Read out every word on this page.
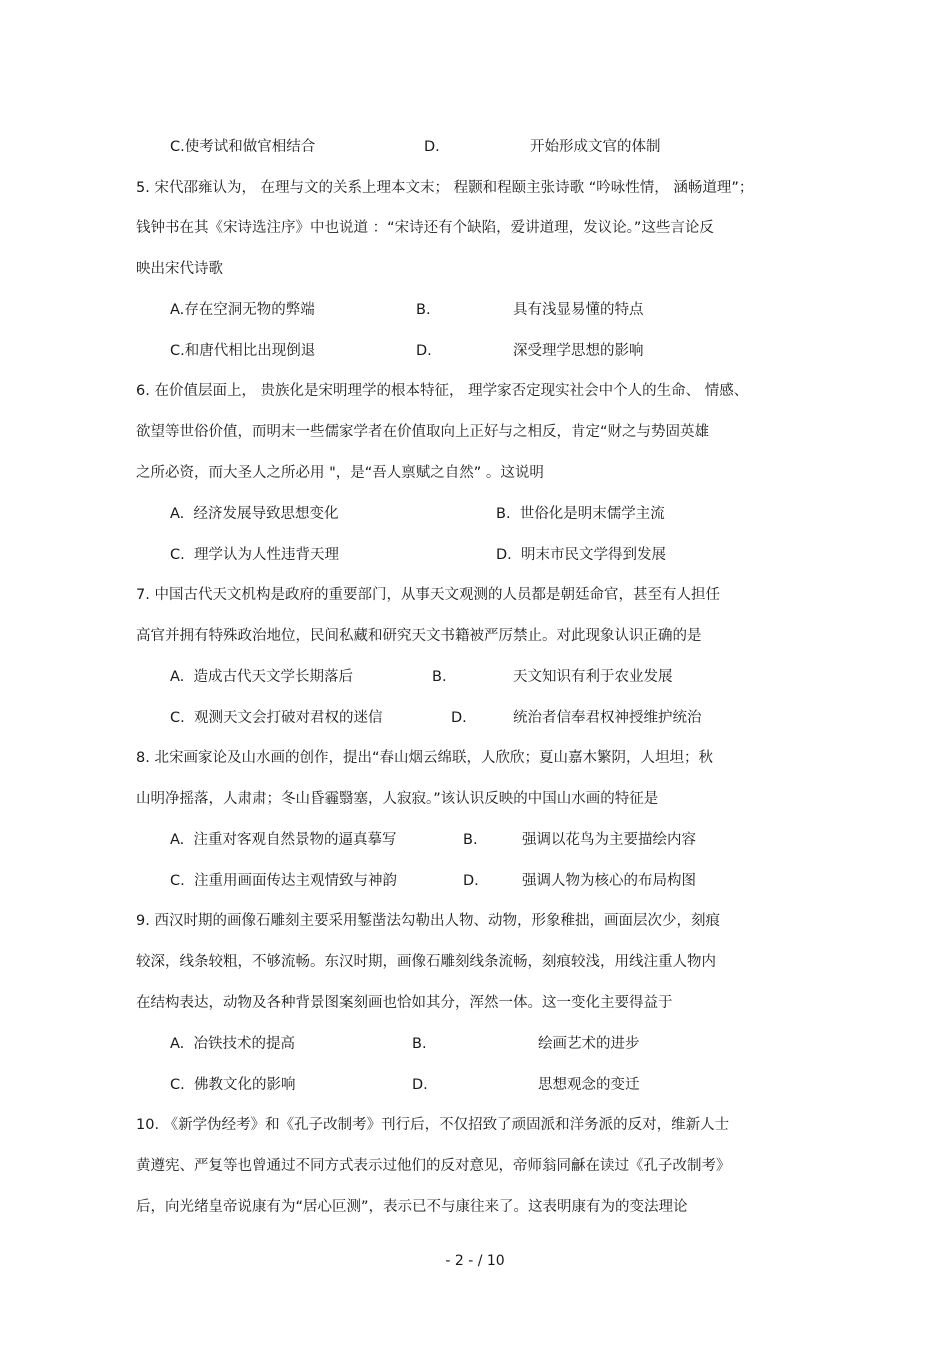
C.使考试和做官相结合	D.	开始形成文官的体制
5. 宋代邵雍认为， 在理与文的关系上理本文末； 程颢和程颐主张诗歌 “吟咏性情， 涵畅道理”；
钱钟书在其《宋诗选注序》中也说道 ：“宋诗还有个缺陷，爱讲道理，发议论。”这些言论反
映出宋代诗歌
A.存在空洞无物的弊端	B.	具有浅显易懂的特点
C.和唐代相比出现倒退	D.	深受理学思想的影响
6. 在价值层面上， 贵族化是宋明理学的根本特征， 理学家否定现实社会中个人的生命、 情感、
欲望等世俗价值，而明末一些儒家学者在价值取向上正好与之相反，肯定“财之与势固英雄
之所必资，而大圣人之所必用 "，是“吾人禀赋之自然” 。这说明
A. 经济发展导致思想变化	B. 世俗化是明末儒学主流
C. 理学认为人性违背天理	D. 明末市民文学得到发展
7. 中国古代天文机构是政府的重要部门，从事天文观测的人员都是朝廷命官，甚至有人担任
高官并拥有特殊政治地位，民间私藏和研究天文书籍被严厉禁止。对此现象认识正确的是
A. 造成古代天文学长期落后	B.	天文知识有利于农业发展
C. 观测天文会打破对君权的迷信	D.	统治者信奉君权神授维护统治
8. 北宋画家论及山水画的创作，提出“春山烟云绵联，人欣欣；夏山嘉木繁阴，人坦坦；秋
山明净摇落，人肃肃；冬山昏霾翳塞，人寂寂。”该认识反映的中国山水画的特征是
A. 注重对客观自然景物的逼真摹写	B.	强调以花鸟为主要描绘内容
C. 注重用画面传达主观情致与神韵	D.	强调人物为核心的布局构图
9. 西汉时期的画像石雕刻主要采用錾凿法勾勒出人物、动物，形象稚拙，画面层次少，刻痕
较深，线条较粗，不够流畅。东汉时期，画像石雕刻线条流畅，刻痕较浅，用线注重人物内
在结构表达，动物及各种背景图案刻画也恰如其分，浑然一体。这一变化主要得益于
A. 冶铁技术的提高	B.	绘画艺术的进步
C. 佛教文化的影响	D.	思想观念的变迁
10. 《新学伪经考》和《孔子改制考》刊行后，不仅招致了顽固派和洋务派的反对，维新人士
黄遵宪、严复等也曾通过不同方式表示过他们的反对意见，帝师翁同龢在读过《孔子改制考》
后，向光绪皇帝说康有为“居心叵测”，表示已不与康往来了。这表明康有为的变法理论
- 2 - / 10
